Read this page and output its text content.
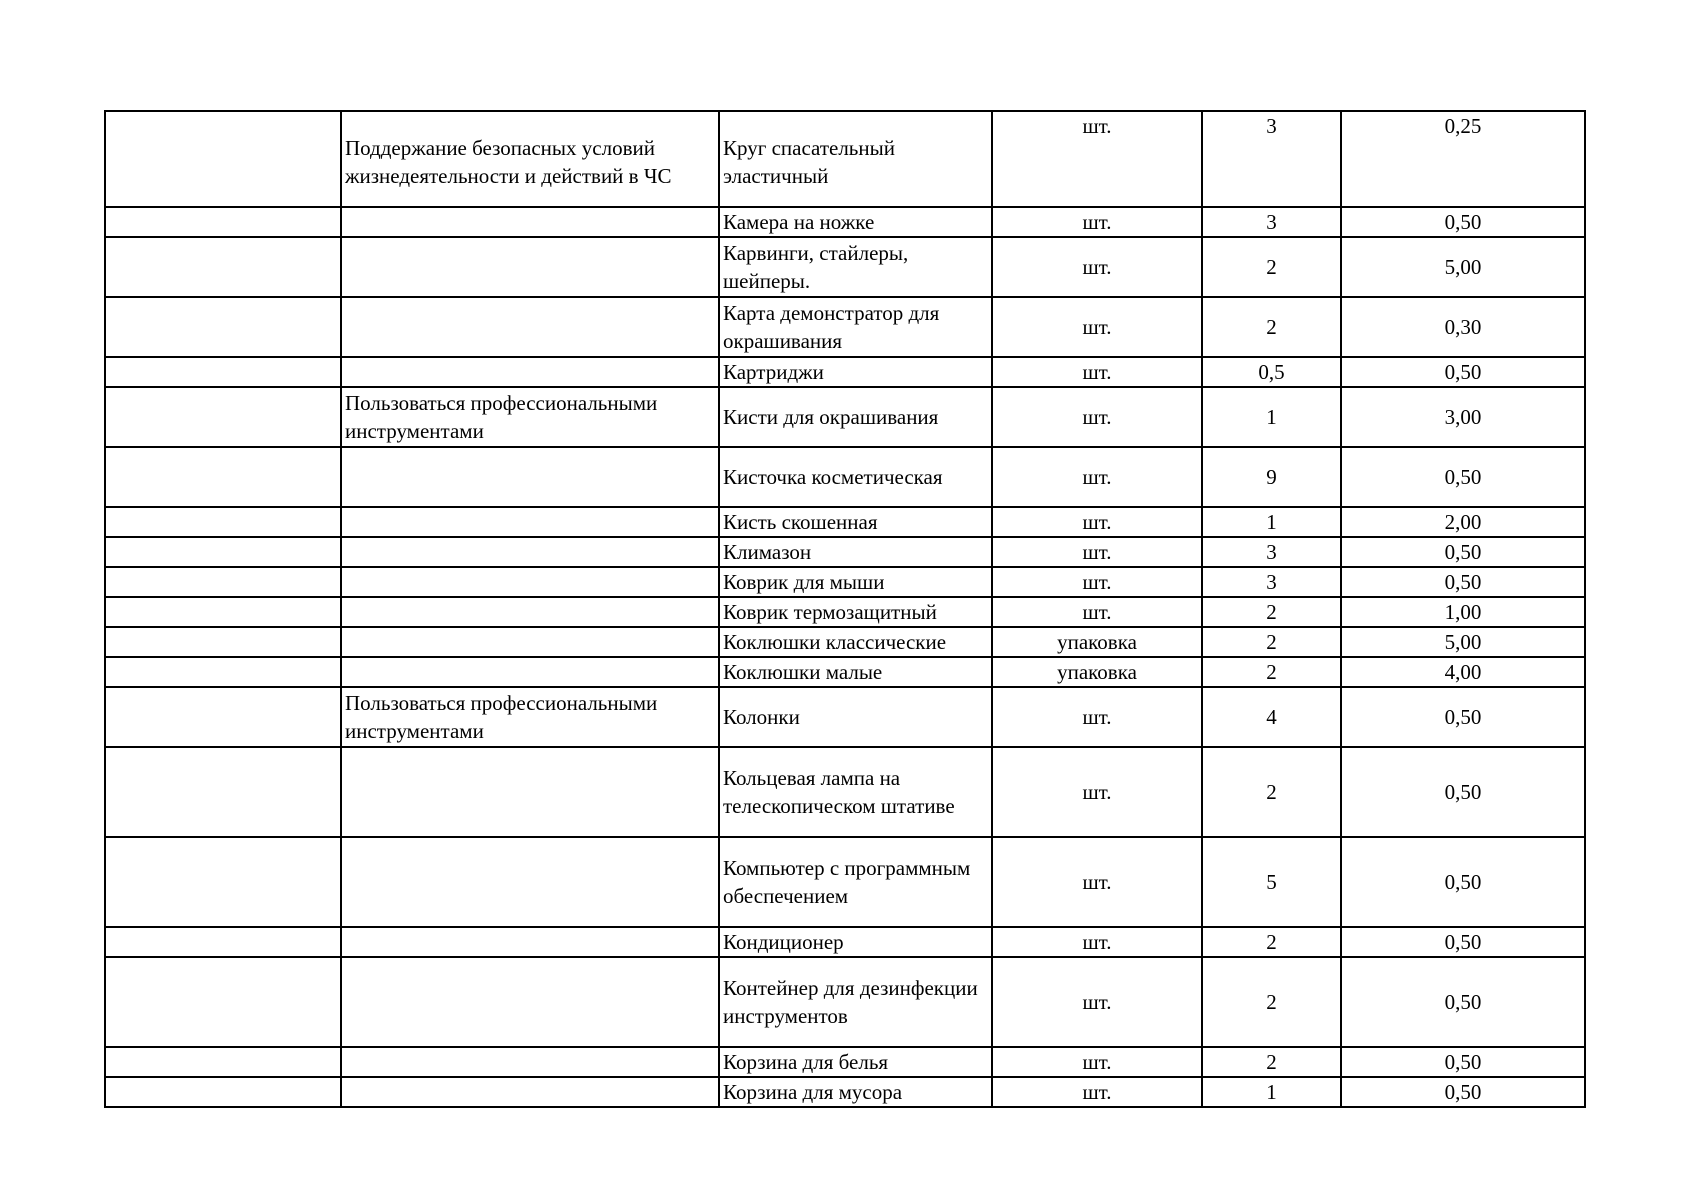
	Поддержание безопасных условий жизнедеятельности и действий в ЧС	Круг спасательный эластичный	шт.	3	0,25
		Камера на ножке	шт.	3	0,50
		Карвинги, стайлеры, шейперы.	шт.	2	5,00
		Карта демонстратор для окрашивания	шт.	2	0,30
		Картриджи	шт.	0,5	0,50
	Пользоваться профессиональными инструментами	Кисти для окрашивания	шт.	1	3,00
		Кисточка косметическая	шт.	9	0,50
		Кисть скошенная	шт.	1	2,00
		Климазон	шт.	3	0,50
		Коврик для мыши	шт.	3	0,50
		Коврик термозащитный	шт.	2	1,00
		Коклюшки классические	упаковка	2	5,00
		Коклюшки малые	упаковка	2	4,00
	Пользоваться профессиональными инструментами	Колонки	шт.	4	0,50
		Кольцевая лампа на телескопическом штативе	шт.	2	0,50
		Компьютер с программным обеспечением	шт.	5	0,50
		Кондиционер	шт.	2	0,50
		Контейнер для дезинфекции инструментов	шт.	2	0,50
		Корзина для белья	шт.	2	0,50
		Корзина для мусора	шт.	1	0,50
